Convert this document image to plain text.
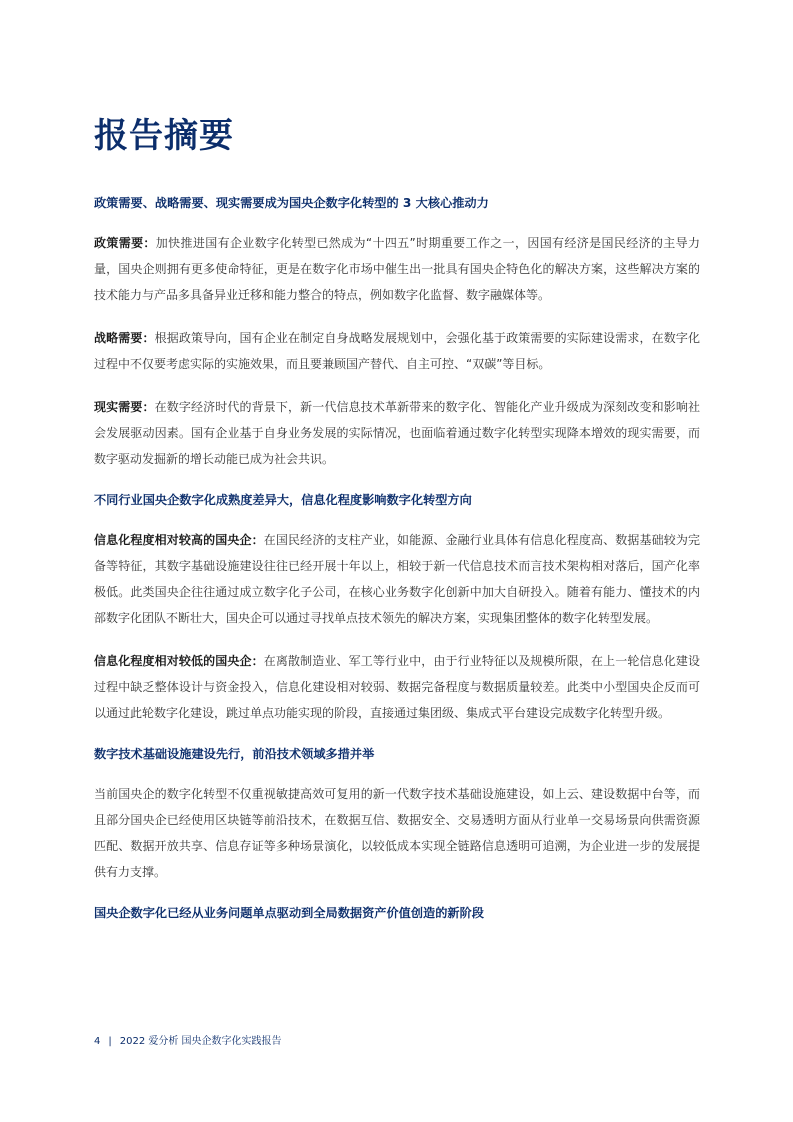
报告摘要
政策需要、战略需要、现实需要成为国央企数字化转型的 3 大核心推动力

政策需要：加快推进国有企业数字化转型已然成为“十四五”时期重要工作之一，因国有经济是国民经济的主导力量，国央企则拥有更多使命特征，更是在数字化市场中催生出一批具有国央企特色化的解决方案，这些解决方案的技术能力与产品多具备异业迁移和能力整合的特点，例如数字化监督、数字融媒体等。

战略需要：根据政策导向，国有企业在制定自身战略发展规划中，会强化基于政策需要的实际建设需求，在数字化过程中不仅要考虑实际的实施效果，而且要兼顾国产替代、自主可控、“双碳”等目标。

现实需要：在数字经济时代的背景下，新一代信息技术革新带来的数字化、智能化产业升级成为深刻改变和影响社会发展驱动因素。国有企业基于自身业务发展的实际情况，也面临着通过数字化转型实现降本增效的现实需要，而数字驱动发掘新的增长动能已成为社会共识。

不同行业国央企数字化成熟度差异大，信息化程度影响数字化转型方向

信息化程度相对较高的国央企：在国民经济的支柱产业，如能源、金融行业具体有信息化程度高、数据基础较为完备等特征，其数字基础设施建设往往已经开展十年以上，相较于新一代信息技术而言技术架构相对落后，国产化率极低。此类国央企往往通过成立数字化子公司，在核心业务数字化创新中加大自研投入。随着有能力、懂技术的内部数字化团队不断壮大，国央企可以通过寻找单点技术领先的解决方案，实现集团整体的数字化转型发展。

信息化程度相对较低的国央企：在离散制造业、军工等行业中，由于行业特征以及规模所限，在上一轮信息化建设过程中缺乏整体设计与资金投入，信息化建设相对较弱、数据完备程度与数据质量较差。此类中小型国央企反而可以通过此轮数字化建设，跳过单点功能实现的阶段，直接通过集团级、集成式平台建设完成数字化转型升级。

数字技术基础设施建设先行，前沿技术领域多措并举

当前国央企的数字化转型不仅重视敏捷高效可复用的新一代数字技术基础设施建设，如上云、建设数据中台等，而且部分国央企已经使用区块链等前沿技术，在数据互信、数据安全、交易透明方面从行业单一交易场景向供需资源匹配、数据开放共享、信息存证等多种场景演化，以较低成本实现全链路信息透明可追溯，为企业进一步的发展提供有力支撑。

国央企数字化已经从业务问题单点驱动到全局数据资产价值创造的新阶段
4 | 2022 爱分析 国央企数字化实践报告
